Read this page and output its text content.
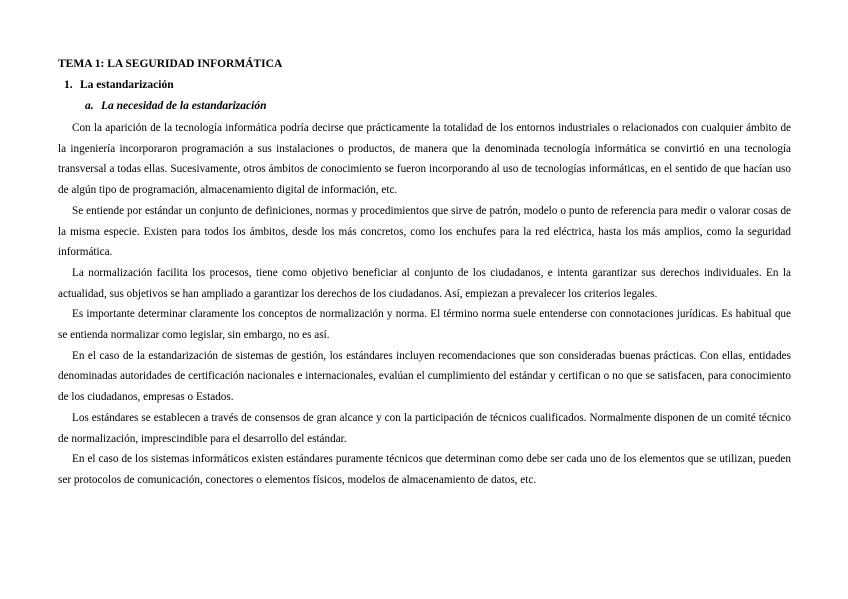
TEMA 1: LA SEGURIDAD INFORMÁTICA
1. La estandarización
a. La necesidad de la estandarización

Con la aparición de la tecnología informática podría decirse que prácticamente la totalidad de los entornos industriales o relacionados con cualquier ámbito de la ingeniería incorporaron programación a sus instalaciones o productos, de manera que la denominada tecnología informática se convirtió en una tecnología transversal a todas ellas. Sucesivamente, otros ámbitos de conocimiento se fueron incorporando al uso de tecnologías informáticas, en el sentido de que hacían uso de algún tipo de programación, almacenamiento digital de información, etc.

Se entiende por estándar un conjunto de definiciones, normas y procedimientos que sirve de patrón, modelo o punto de referencia para medir o valorar cosas de la misma especie. Existen para todos los ámbitos, desde los más concretos, como los enchufes para la red eléctrica, hasta los más amplios, como la seguridad informática.

La normalización facilita los procesos, tiene como objetivo beneficiar al conjunto de los ciudadanos, e intenta garantizar sus derechos individuales. En la actualidad, sus objetivos se han ampliado a garantizar los derechos de los ciudadanos. Así, empiezan a prevalecer los criterios legales.

Es importante determinar claramente los conceptos de normalización y norma. El término norma suele entenderse con connotaciones jurídicas. Es habitual que se entienda normalizar como legislar, sin embargo, no es así.

En el caso de la estandarización de sistemas de gestión, los estándares incluyen recomendaciones que son consideradas buenas prácticas. Con ellas, entidades denominadas autoridades de certificación nacionales e internacionales, evalúan el cumplimiento del estándar y certifican o no que se satisfacen, para conocimiento de los ciudadanos, empresas o Estados.

Los estándares se establecen a través de consensos de gran alcance y con la participación de técnicos cualificados. Normalmente disponen de un comité técnico de normalización, imprescindible para el desarrollo del estándar.

En el caso de los sistemas informáticos existen estándares puramente técnicos que determinan como debe ser cada uno de los elementos que se utilizan, pueden ser protocolos de comunicación, conectores o elementos físicos, modelos de almacenamiento de datos, etc.
